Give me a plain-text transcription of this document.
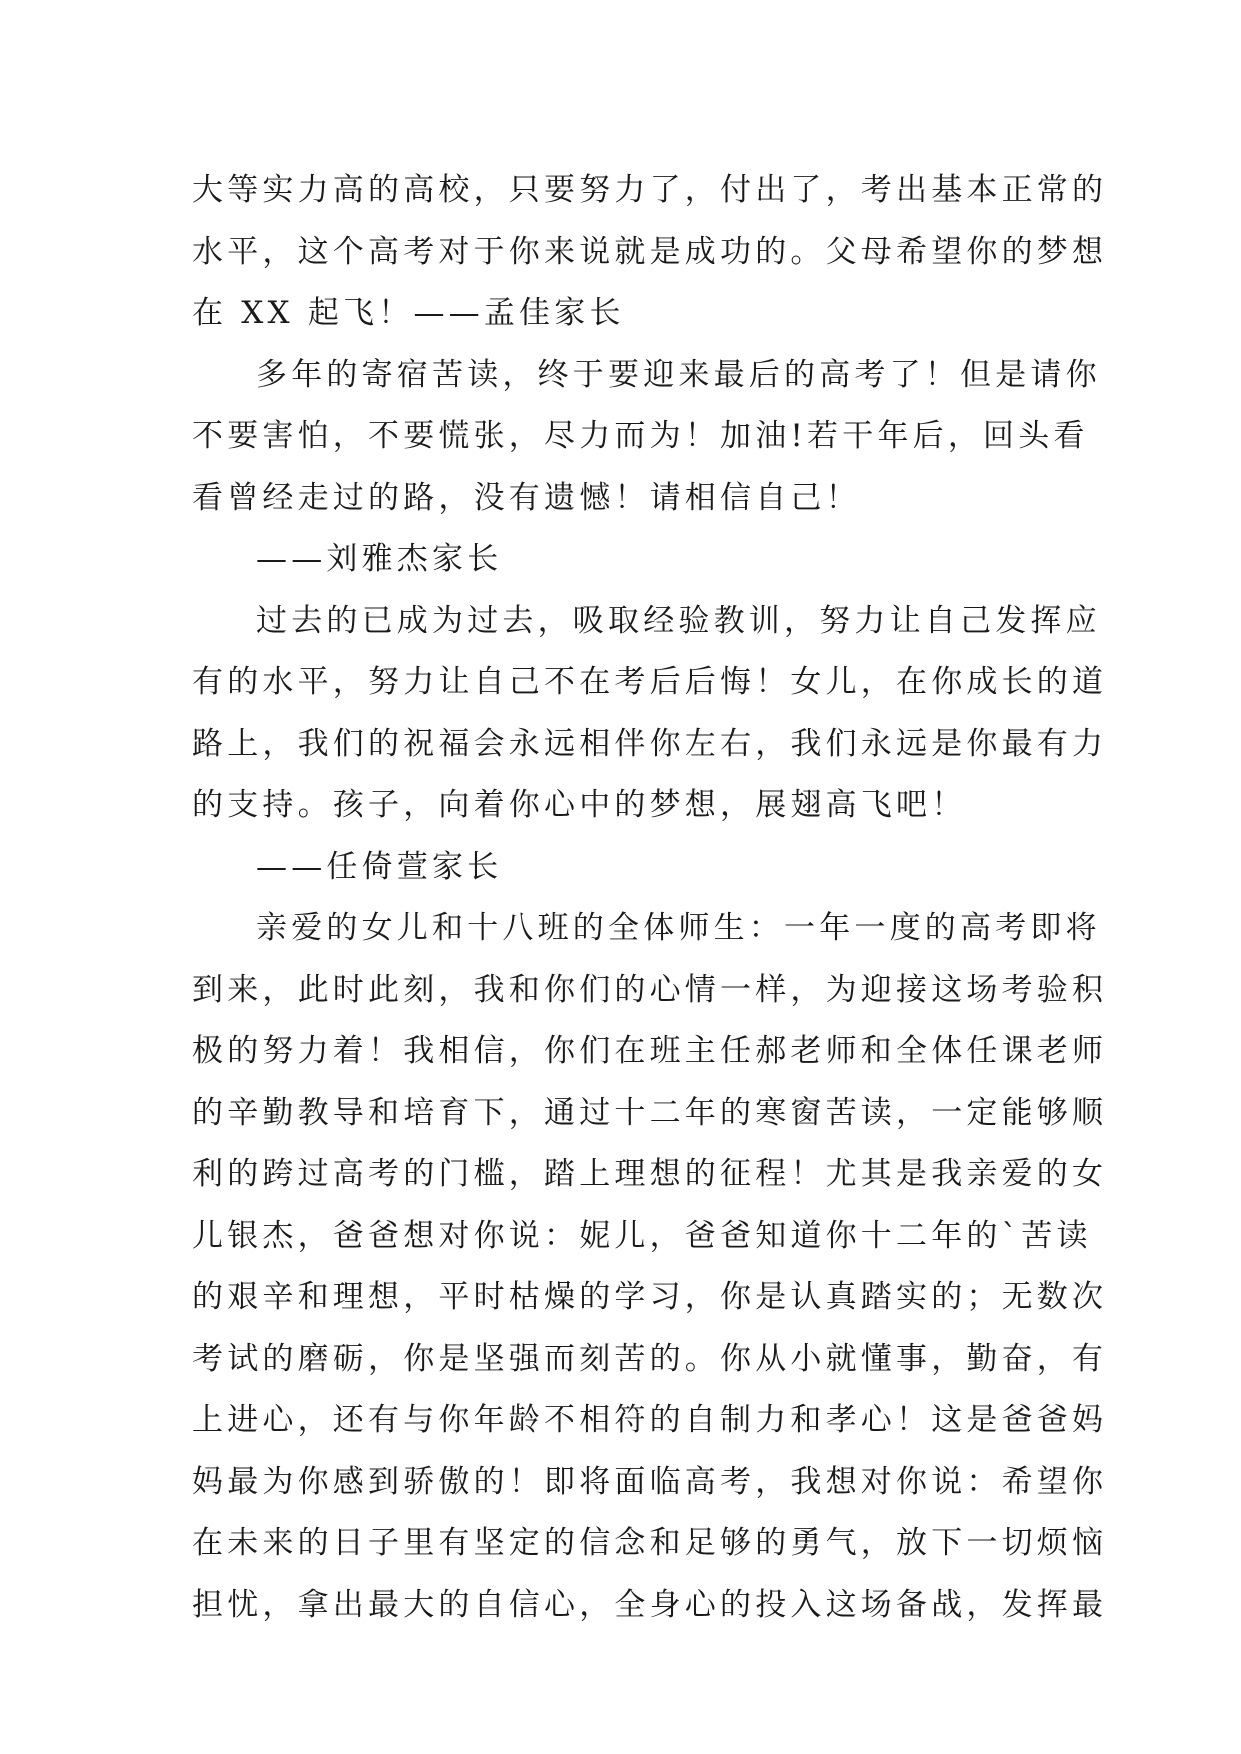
大等实力高的高校，只要努力了，付出了，考出基本正常的
水平，这个高考对于你来说就是成功的。父母希望你的梦想
在 XX 起飞！——孟佳家长
多年的寄宿苦读，终于要迎来最后的高考了！但是请你
不要害怕，不要慌张，尽力而为！加油!若干年后，回头看
看曾经走过的路，没有遗憾！请相信自己！
——刘雅杰家长
过去的已成为过去，吸取经验教训，努力让自己发挥应
有的水平，努力让自己不在考后后悔！女儿，在你成长的道
路上，我们的祝福会永远相伴你左右，我们永远是你最有力
的支持。孩子，向着你心中的梦想，展翅高飞吧！
——任倚萱家长
亲爱的女儿和十八班的全体师生：一年一度的高考即将
到来，此时此刻，我和你们的心情一样，为迎接这场考验积
极的努力着！我相信，你们在班主任郝老师和全体任课老师
的辛勤教导和培育下，通过十二年的寒窗苦读，一定能够顺
利的跨过高考的门槛，踏上理想的征程！尤其是我亲爱的女
儿银杰，爸爸想对你说：妮儿，爸爸知道你十二年的`苦读
的艰辛和理想，平时枯燥的学习，你是认真踏实的；无数次
考试的磨砺，你是坚强而刻苦的。你从小就懂事，勤奋，有
上进心，还有与你年龄不相符的自制力和孝心！这是爸爸妈
妈最为你感到骄傲的！即将面临高考，我想对你说：希望你
在未来的日子里有坚定的信念和足够的勇气，放下一切烦恼
担忧，拿出最大的自信心，全身心的投入这场备战，发挥最
